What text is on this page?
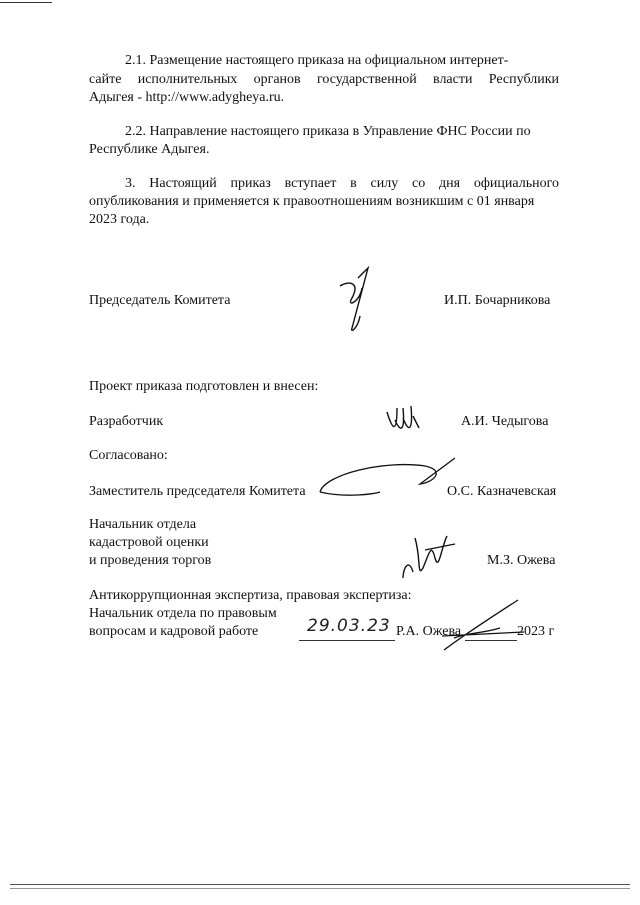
2.1. Размещение настоящего приказа на официальном интернет-
сайте исполнительных органов государственной власти Республики
Адыгея - http://www.adygheya.ru.
2.2. Направление настоящего приказа в Управление ФНС России по
Республике Адыгея.
3. Настоящий приказ вступает в силу со дня официального
опубликования и применяется к правоотношениям возникшим с 01 января
2023 года.
Председатель Комитета	И.П. Бочарникова
Проект приказа подготовлен и внесен:
Разработчик	А.И. Чедыгова
Согласовано:
Заместитель председателя Комитета	О.С. Казначевская
Начальник отдела
кадастровой оценки
и проведения торгов	М.З. Ожева
Антикоррупционная экспертиза, правовая экспертиза:
Начальник отдела по правовым
вопросам и кадровой работе	29.03.23 Р.А. Ожева	2023 г
